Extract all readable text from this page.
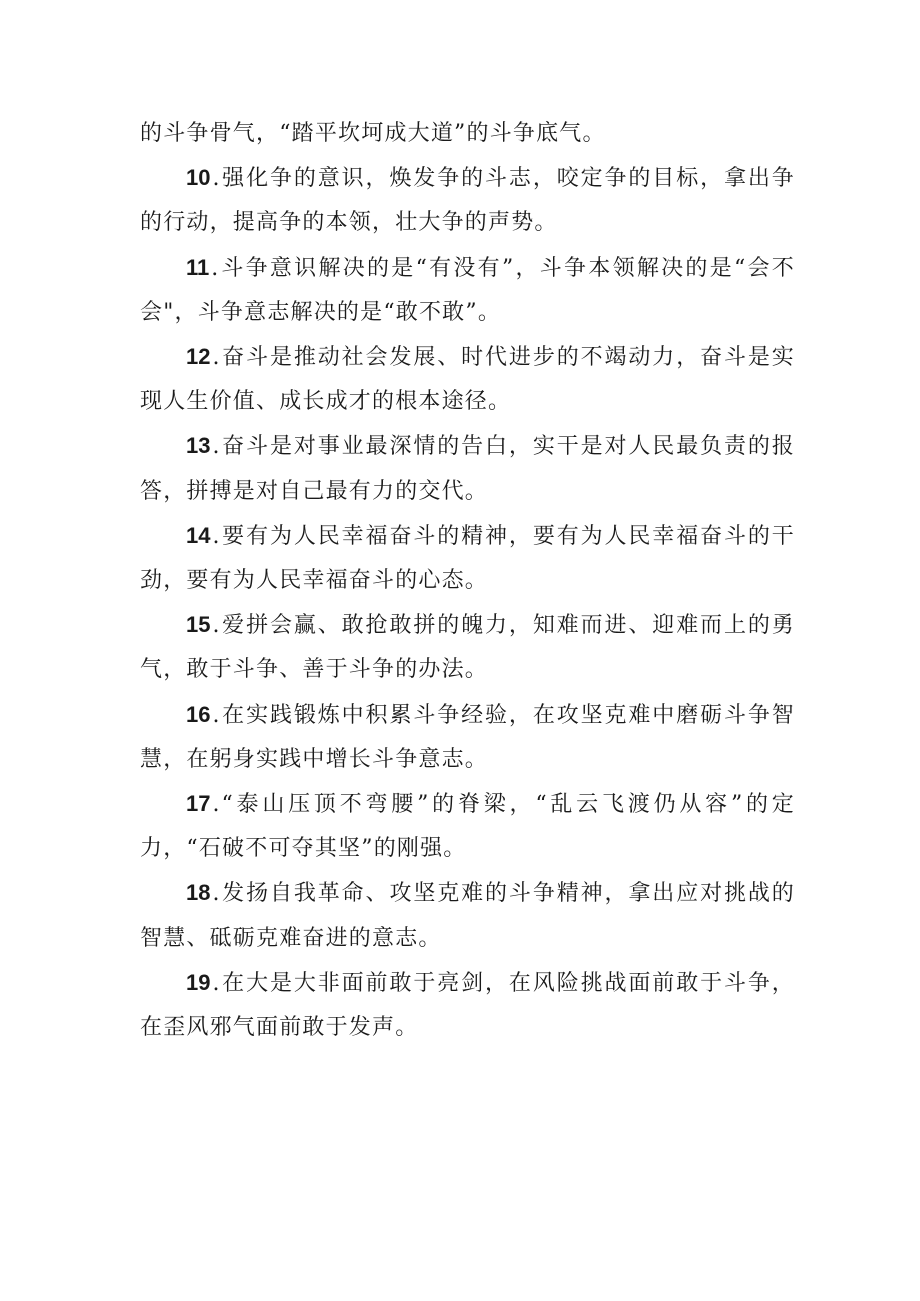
的斗争骨气，“踏平坎坷成大道”的斗争底气。

10.强化争的意识，焕发争的斗志，咬定争的目标，拿出争的行动，提高争的本领，壮大争的声势。

11.斗争意识解决的是“有没有”，斗争本领解决的是“会不会"，斗争意志解决的是“敢不敢”。

12.奋斗是推动社会发展、时代进步的不竭动力，奋斗是实现人生价值、成长成才的根本途径。

13.奋斗是对事业最深情的告白，实干是对人民最负责的报答，拼搏是对自己最有力的交代。

14.要有为人民幸福奋斗的精神，要有为人民幸福奋斗的干劲，要有为人民幸福奋斗的心态。

15.爱拼会赢、敢抢敢拼的魄力，知难而进、迎难而上的勇气，敢于斗争、善于斗争的办法。

16.在实践锻炼中积累斗争经验，在攻坚克难中磨砺斗争智慧，在躬身实践中增长斗争意志。

17.“泰山压顶不弯腰”的脊梁，“乱云飞渡仍从容”的定力，“石破不可夺其坚”的刚强。

18.发扬自我革命、攻坚克难的斗争精神，拿出应对挑战的智慧、砥砺克难奋进的意志。

19.在大是大非面前敢于亮剑，在风险挑战面前敢于斗争，在歪风邪气面前敢于发声。
